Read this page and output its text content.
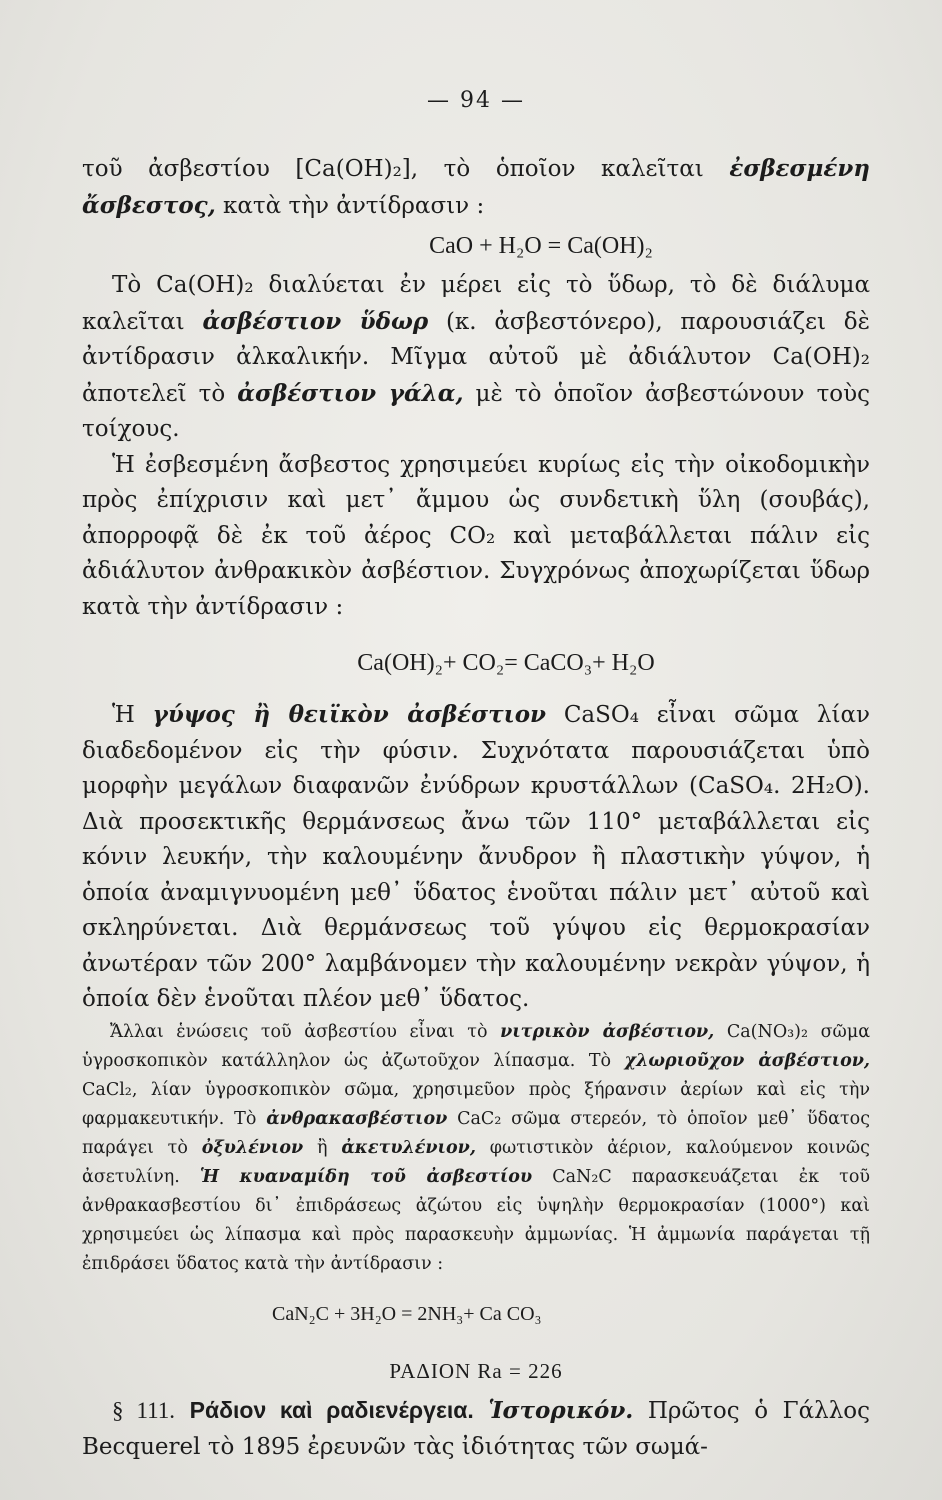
— 94 —

τοῦ ἀσβεστίου [Ca(OH)₂], τὸ ὁποῖον καλεῖται ἐσβεσμένη ἄσβεστος, κατὰ τὴν ἀντίδρασιν :

CaO + H₂O = Ca(OH)₂

Τὸ Ca(OH)₂ διαλύεται ἐν μέρει εἰς τὸ ὕδωρ, τὸ δὲ διάλυμα καλεῖται ἀσβέστιον ὕδωρ (κ. ἀσβεστόνερο), παρουσιάζει δὲ ἀντίδρασιν ἀλκαλικήν. Μῖγμα αὐτοῦ μὲ ἀδιάλυτον Ca(OH)₂ ἀποτελεῖ τὸ ἀσβέστιον γάλα, μὲ τὸ ὁποῖον ἀσβεστώνουν τοὺς τοίχους.

Ἡ ἐσβεσμένη ἄσβεστος χρησιμεύει κυρίως εἰς τὴν οἰκοδομικὴν πρὸς ἐπίχρισιν καὶ μετ᾽ ἄμμου ὡς συνδετικὴ ὕλη (σουβάς), ἀπορροφᾷ δὲ ἐκ τοῦ ἀέρος CO₂ καὶ μεταβάλλεται πάλιν εἰς ἀδιάλυτον ἀνθρακικὸν ἀσβέστιον. Συγχρόνως ἀποχωρίζεται ὕδωρ κατὰ τὴν ἀντίδρασιν :

Ca(OH)₂+ CO₂= CaCO₃+ H₂O

Ἡ γύψος ἢ θειϊκὸν ἀσβέστιον CaSO₄ εἶναι σῶμα λίαν διαδεδομένον εἰς τὴν φύσιν. Συχνότατα παρουσιάζεται ὑπὸ μορφὴν μεγάλων διαφανῶν ἐνύδρων κρυστάλλων (CaSO₄. 2H₂O). Διὰ προσεκτικῆς θερμάνσεως ἄνω τῶν 110° μεταβάλλεται εἰς κόνιν λευκήν, τὴν καλουμένην ἄνυδρον ἢ πλαστικὴν γύψον, ἡ ὁποία ἀναμιγνυομένη μεθ᾽ ὕδατος ἑνοῦται πάλιν μετ᾽ αὐτοῦ καὶ σκληρύνεται. Διὰ θερμάνσεως τοῦ γύψου εἰς θερμοκρασίαν ἀνωτέραν τῶν 200° λαμβάνομεν τὴν καλουμένην νεκρὰν γύψον, ἡ ὁποία δὲν ἑνοῦται πλέον μεθ᾽ ὕδατος.

Ἄλλαι ἑνώσεις τοῦ ἀσβεστίου εἶναι τὸ νιτρικὸν ἀσβέστιον, Ca(NO₃)₂ σῶμα ὑγροσκοπικὸν κατάλληλον ὡς ἀζωτοῦχον λίπασμα. Τὸ χλωριοῦχον ἀσβέστιον, CaCl₂, λίαν ὑγροσκοπικὸν σῶμα, χρησιμεῦον πρὸς ξήρανσιν ἀερίων καὶ εἰς τὴν φαρμακευτικήν. Τὸ ἀνθρακασβέστιον CaC₂ σῶμα στερεόν, τὸ ὁποῖον μεθ᾽ ὕδατος παράγει τὸ ὀξυλένιον ἢ ἀκετυλένιον, φωτιστικὸν ἀέριον, καλούμενον κοινῶς ἀσετυλίνη. Ἡ κυαναμίδη τοῦ ἀσβεστίου CaN₂C παρασκευάζεται ἐκ τοῦ ἀνθρακασβεστίου δι᾽ ἐπιδράσεως ἀζώτου εἰς ὑψηλὴν θερμοκρασίαν (1000°) καὶ χρησιμεύει ὡς λίπασμα καὶ πρὸς παρασκευὴν ἀμμωνίας. Ἡ ἀμμωνία παράγεται τῇ ἐπιδράσει ὕδατος κατὰ τὴν ἀντίδρασιν :

CaN₂C + 3H₂O = 2NH₃+ Ca CO₃
ΡΑΔΙΟΝ Ra = 226

§ 111. Ράδιον καὶ ραδιενέργεια. Ἱστορικόν. Πρῶτος ὁ Γάλλος Becquerel τὸ 1895 ἐρευνῶν τὰς ἰδιότητας τῶν σωμά-
